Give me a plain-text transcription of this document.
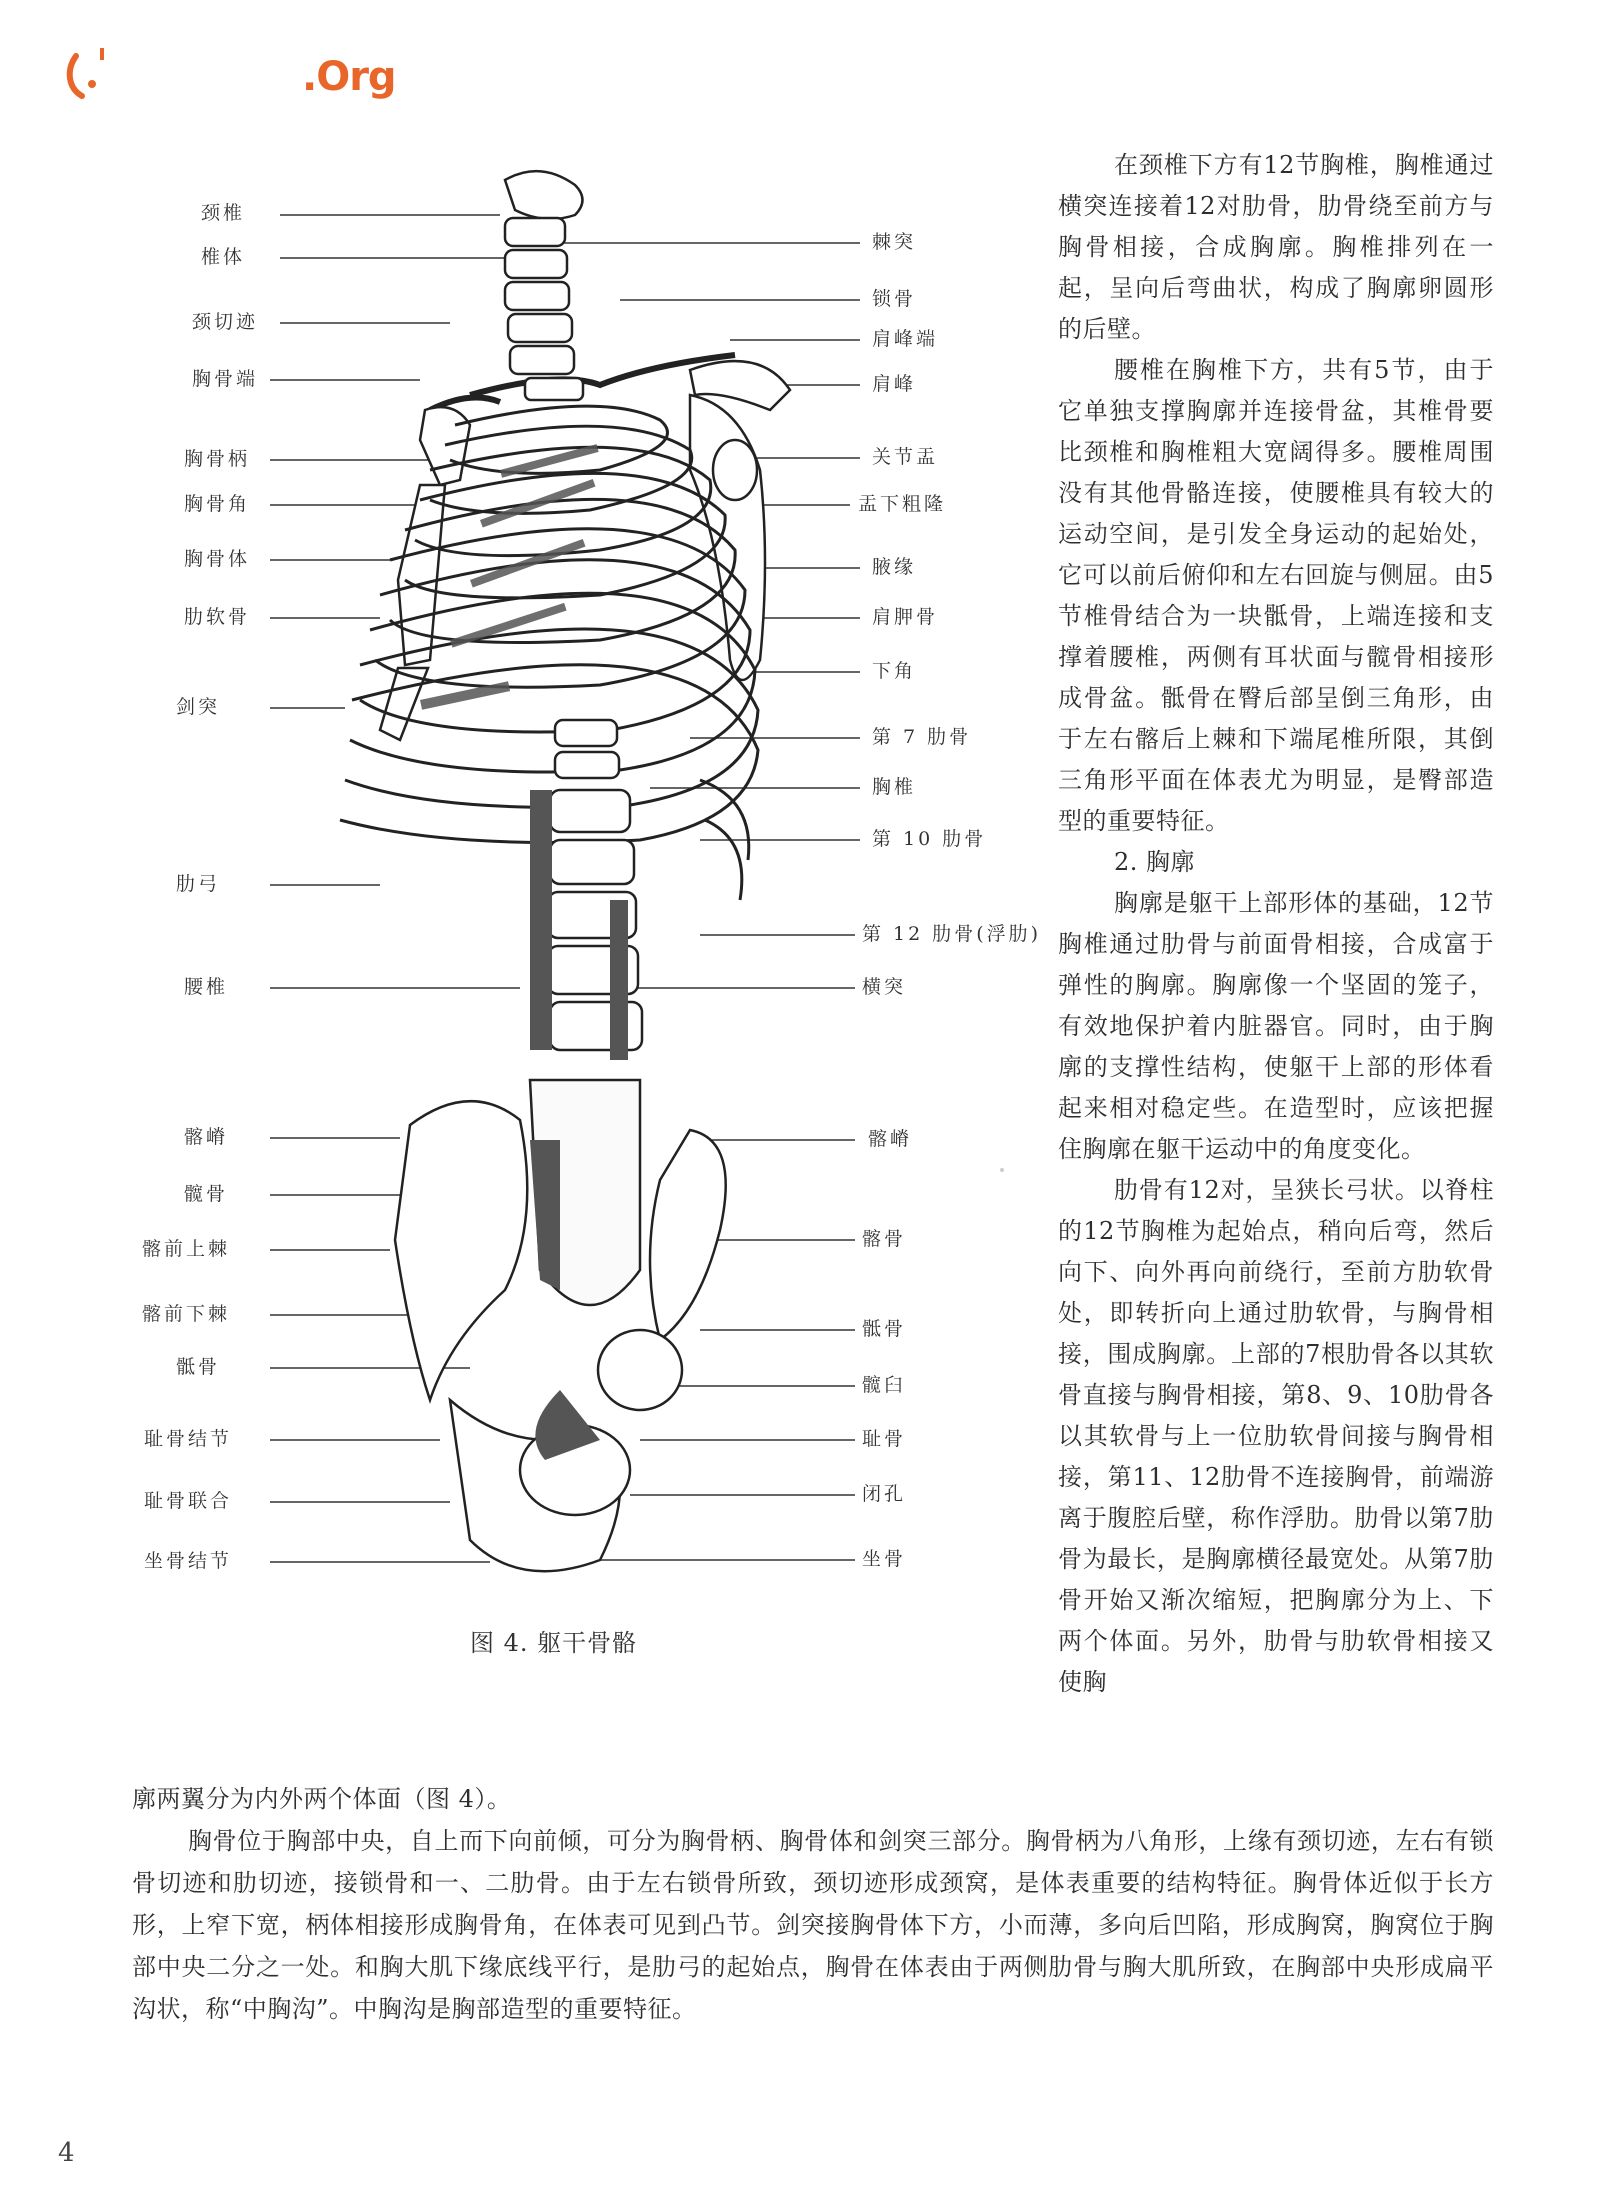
.Org
颈椎
椎体
颈切迹
胸骨端
胸骨柄
胸骨角
胸骨体
肋软骨
剑突
肋弓
腰椎
髂嵴
髋骨
髂前上棘
髂前下棘
骶骨
耻骨结节
耻骨联合
坐骨结节
棘突
锁骨
肩峰端
肩峰
关节盂
盂下粗隆
腋缘
肩胛骨
下角
第 7 肋骨
胸椎
第 10 肋骨
第 12 肋骨(浮肋)
横突
髂嵴
髂骨
骶骨
髋臼
耻骨
闭孔
坐骨
图 4. 躯干骨骼

在颈椎下方有12节胸椎，胸椎通过横突连接着12对肋骨，肋骨绕至前方与胸骨相接，合成胸廓。胸椎排列在一起，呈向后弯曲状，构成了胸廓卵圆形的后壁。

腰椎在胸椎下方，共有5节，由于它单独支撑胸廓并连接骨盆，其椎骨要比颈椎和胸椎粗大宽阔得多。腰椎周围没有其他骨骼连接，使腰椎具有较大的运动空间，是引发全身运动的起始处，它可以前后俯仰和左右回旋与侧屈。由5节椎骨结合为一块骶骨，上端连接和支撑着腰椎，两侧有耳状面与髋骨相接形成骨盆。骶骨在臀后部呈倒三角形，由于左右髂后上棘和下端尾椎所限，其倒三角形平面在体表尤为明显，是臀部造型的重要特征。

2. 胸廓

胸廓是躯干上部形体的基础，12节胸椎通过肋骨与前面骨相接，合成富于弹性的胸廓。胸廓像一个坚固的笼子，有效地保护着内脏器官。同时，由于胸廓的支撑性结构，使躯干上部的形体看起来相对稳定些。在造型时，应该把握住胸廓在躯干运动中的角度变化。

肋骨有12对，呈狭长弓状。以脊柱的12节胸椎为起始点，稍向后弯，然后向下、向外再向前绕行，至前方肋软骨处，即转折向上通过肋软骨，与胸骨相接，围成胸廓。上部的7根肋骨各以其软骨直接与胸骨相接，第8、9、10肋骨各以其软骨与上一位肋软骨间接与胸骨相接，第11、12肋骨不连接胸骨，前端游离于腹腔后壁，称作浮肋。肋骨以第7肋骨为最长，是胸廓横径最宽处。从第7肋骨开始又渐次缩短，把胸廓分为上、下两个体面。另外，肋骨与肋软骨相接又使胸

廓两翼分为内外两个体面（图 4）。

胸骨位于胸部中央，自上而下向前倾，可分为胸骨柄、胸骨体和剑突三部分。胸骨柄为八角形，上缘有颈切迹，左右有锁骨切迹和肋切迹，接锁骨和一、二肋骨。由于左右锁骨所致，颈切迹形成颈窝，是体表重要的结构特征。胸骨体近似于长方形，上窄下宽，柄体相接形成胸骨角，在体表可见到凸节。剑突接胸骨体下方，小而薄，多向后凹陷，形成胸窝，胸窝位于胸部中央二分之一处。和胸大肌下缘底线平行，是肋弓的起始点，胸骨在体表由于两侧肋骨与胸大肌所致，在胸部中央形成扁平沟状，称“中胸沟”。中胸沟是胸部造型的重要特征。

4
